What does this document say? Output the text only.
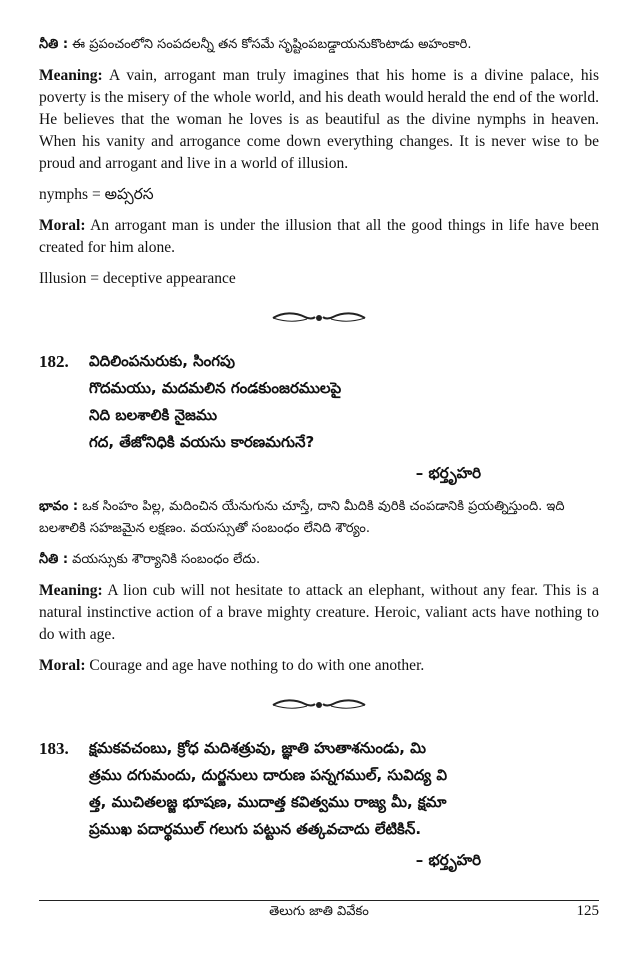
నీతి : ఈ ప్రపంచంలోని సంపదలన్నీ తన కోసమే సృష్టింపబడ్డాయనుకొంటాడు అహంకారి.

Meaning: A vain, arrogant man truly imagines that his home is a divine palace, his poverty is the misery of the whole world, and his death would herald the end of the world. He believes that the woman he loves is as beautiful as the divine nymphs in heaven. When his vanity and arrogance come down everything changes. It is never wise to be proud and arrogant and live in a world of illusion.

nymphs = అప్సరస

Moral: An arrogant man is under the illusion that all the good things in life have been created for him alone.

Illusion = deceptive appearance

182.	విదిలింపనురుకు, సింగపు
గొదమయు, మదమలిన గండకుంజరములపై
నిది బలశాలికి నైజము
గద, తేజోనిధికి వయసు కారణమగునే?
– భర్తృహరి

భావం : ఒక సింహం పిల్ల, మదించిన యేనుగును చూస్తే, దాని మీదికి వురికి చంపడానికి ప్రయత్నిస్తుంది. ఇది బలశాలికి సహజమైన లక్షణం. వయస్సుతో సంబంధం లేనిది శౌర్యం.

నీతి : వయస్సుకు శౌర్యానికి సంబంధం లేదు.

Meaning: A lion cub will not hesitate to attack an elephant, without any fear. This is a natural instinctive action of a brave mighty creature. Heroic, valiant acts have nothing to do with age.

Moral: Courage and age have nothing to do with one another.

183.	క్షమకవచంబు, క్రోధ మదిశత్రువు, జ్ఞాతి హుతాశనుండు, మి
త్రము దగుమందు, దుర్జనులు దారుణ పన్నగముల్, సువిద్య వి
త్త, ముచితలజ్జ భూషణ, ముదాత్త కవిత్వము రాజ్య మీ, క్షమా
ప్రముఖ పదార్థముల్ గలుగు పట్టున తత్కవచాదు లేటికిన్.
– భర్తృహరి
తెలుగు జాతి వివేకం	125
